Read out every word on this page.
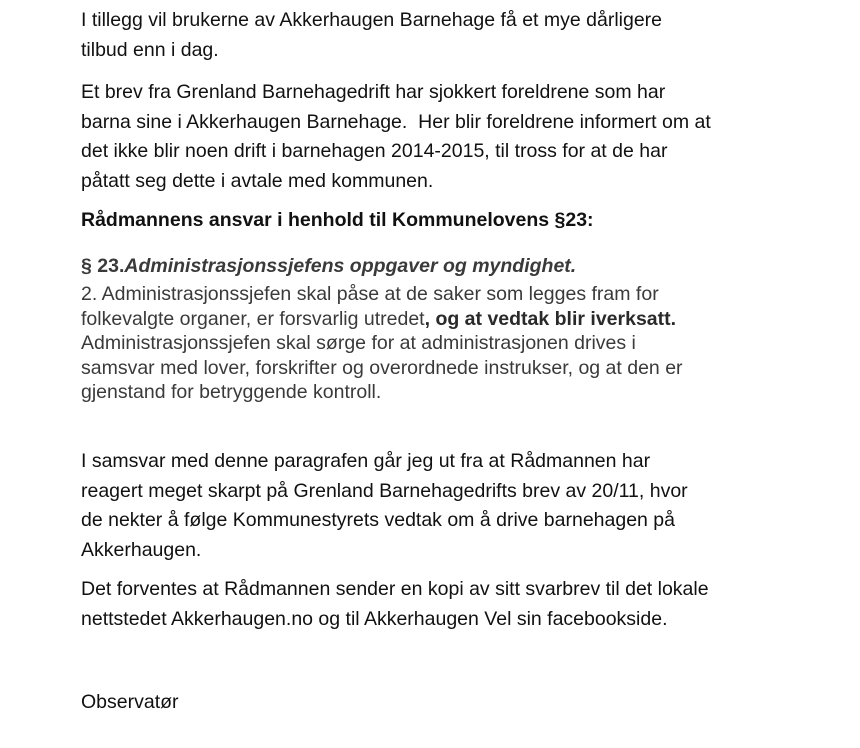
I tillegg vil brukerne av Akkerhaugen Barnehage få et mye dårligere
tilbud enn i dag.

Et brev fra Grenland Barnehagedrift har sjokkert foreldrene som har
barna sine i Akkerhaugen Barnehage.  Her blir foreldrene informert om at
det ikke blir noen drift i barnehagen 2014-2015, til tross for at de har
påtatt seg dette i avtale med kommunen.

Rådmannens ansvar i henhold til Kommunelovens §23:

§ 23.Administrasjonssjefens oppgaver og myndighet.

2. Administrasjonssjefen skal påse at de saker som legges fram for
folkevalgte organer, er forsvarlig utredet, og at vedtak blir iverksatt.
Administrasjonssjefen skal sørge for at administrasjonen drives i
samsvar med lover, forskrifter og overordnede instrukser, og at den er
gjenstand for betryggende kontroll.

I samsvar med denne paragrafen går jeg ut fra at Rådmannen har
reagert meget skarpt på Grenland Barnehagedrifts brev av 20/11, hvor
de nekter å følge Kommunestyrets vedtak om å drive barnehagen på
Akkerhaugen.

Det forventes at Rådmannen sender en kopi av sitt svarbrev til det lokale
nettstedet Akkerhaugen.no og til Akkerhaugen Vel sin facebookside.

Observatør
